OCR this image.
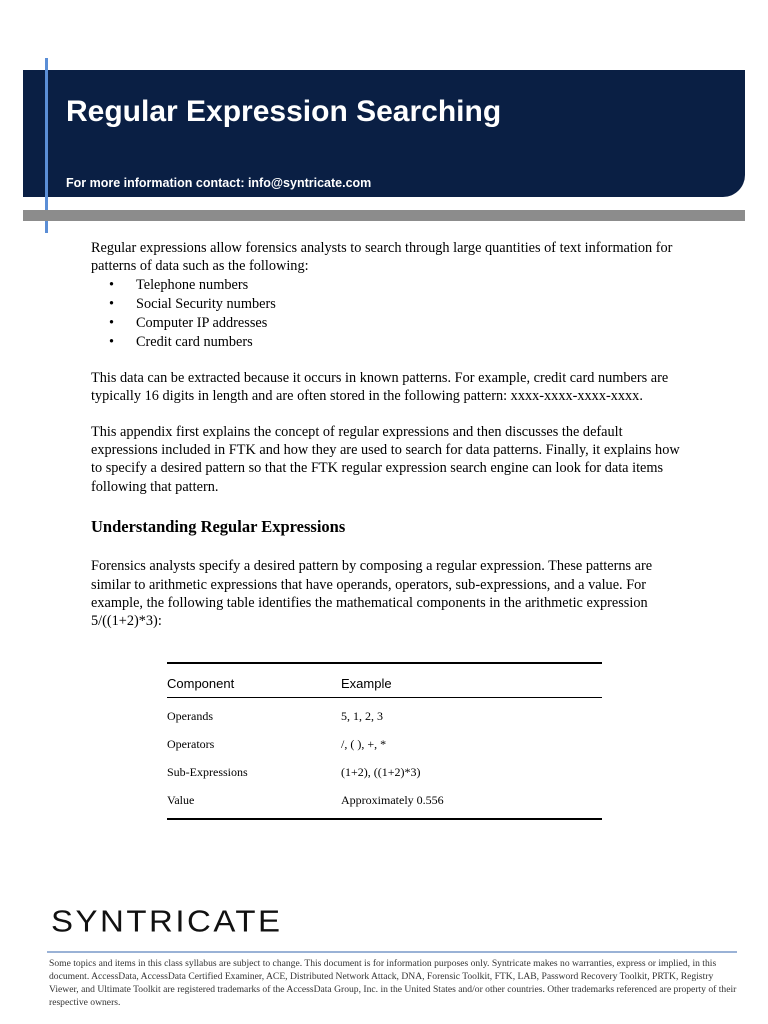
Regular Expression Searching
For more information contact: info@syntricate.com

Regular expressions allow forensics analysts to search through large quantities of text information for patterns of data such as the following:

• Telephone numbers
• Social Security numbers
• Computer IP addresses
• Credit card numbers

This data can be extracted because it occurs in known patterns. For example, credit card numbers are typically 16 digits in length and are often stored in the following pattern: xxxx-xxxx-xxxx-xxxx.

This appendix first explains the concept of regular expressions and then discusses the default expressions included in FTK and how they are used to search for data patterns. Finally, it explains how to specify a desired pattern so that the FTK regular expression search engine can look for data items following that pattern.

Understanding Regular Expressions

Forensics analysts specify a desired pattern by composing a regular expression. These patterns are similar to arithmetic expressions that have operands, operators, sub-expressions, and a value. For example, the following table identifies the mathematical components in the arithmetic expression 5/((1+2)*3):

Component	Example
Operands	5, 1, 2, 3
Operators	/, ( ), +, *
Sub-Expressions	(1+2), ((1+2)*3)
Value	Approximately 0.556
SYNTRICATE
Some topics and items in this class syllabus are subject to change. This document is for information purposes only. Syntricate makes no warranties, express or implied, in this document. AccessData, AccessData Certified Examiner, ACE, Distributed Network Attack, DNA, Forensic Toolkit, FTK, LAB, Password Recovery Toolkit, PRTK, Registry Viewer, and Ultimate Toolkit are registered trademarks of the AccessData Group, Inc. in the United States and/or other countries. Other trademarks referenced are property of their respective owners.
